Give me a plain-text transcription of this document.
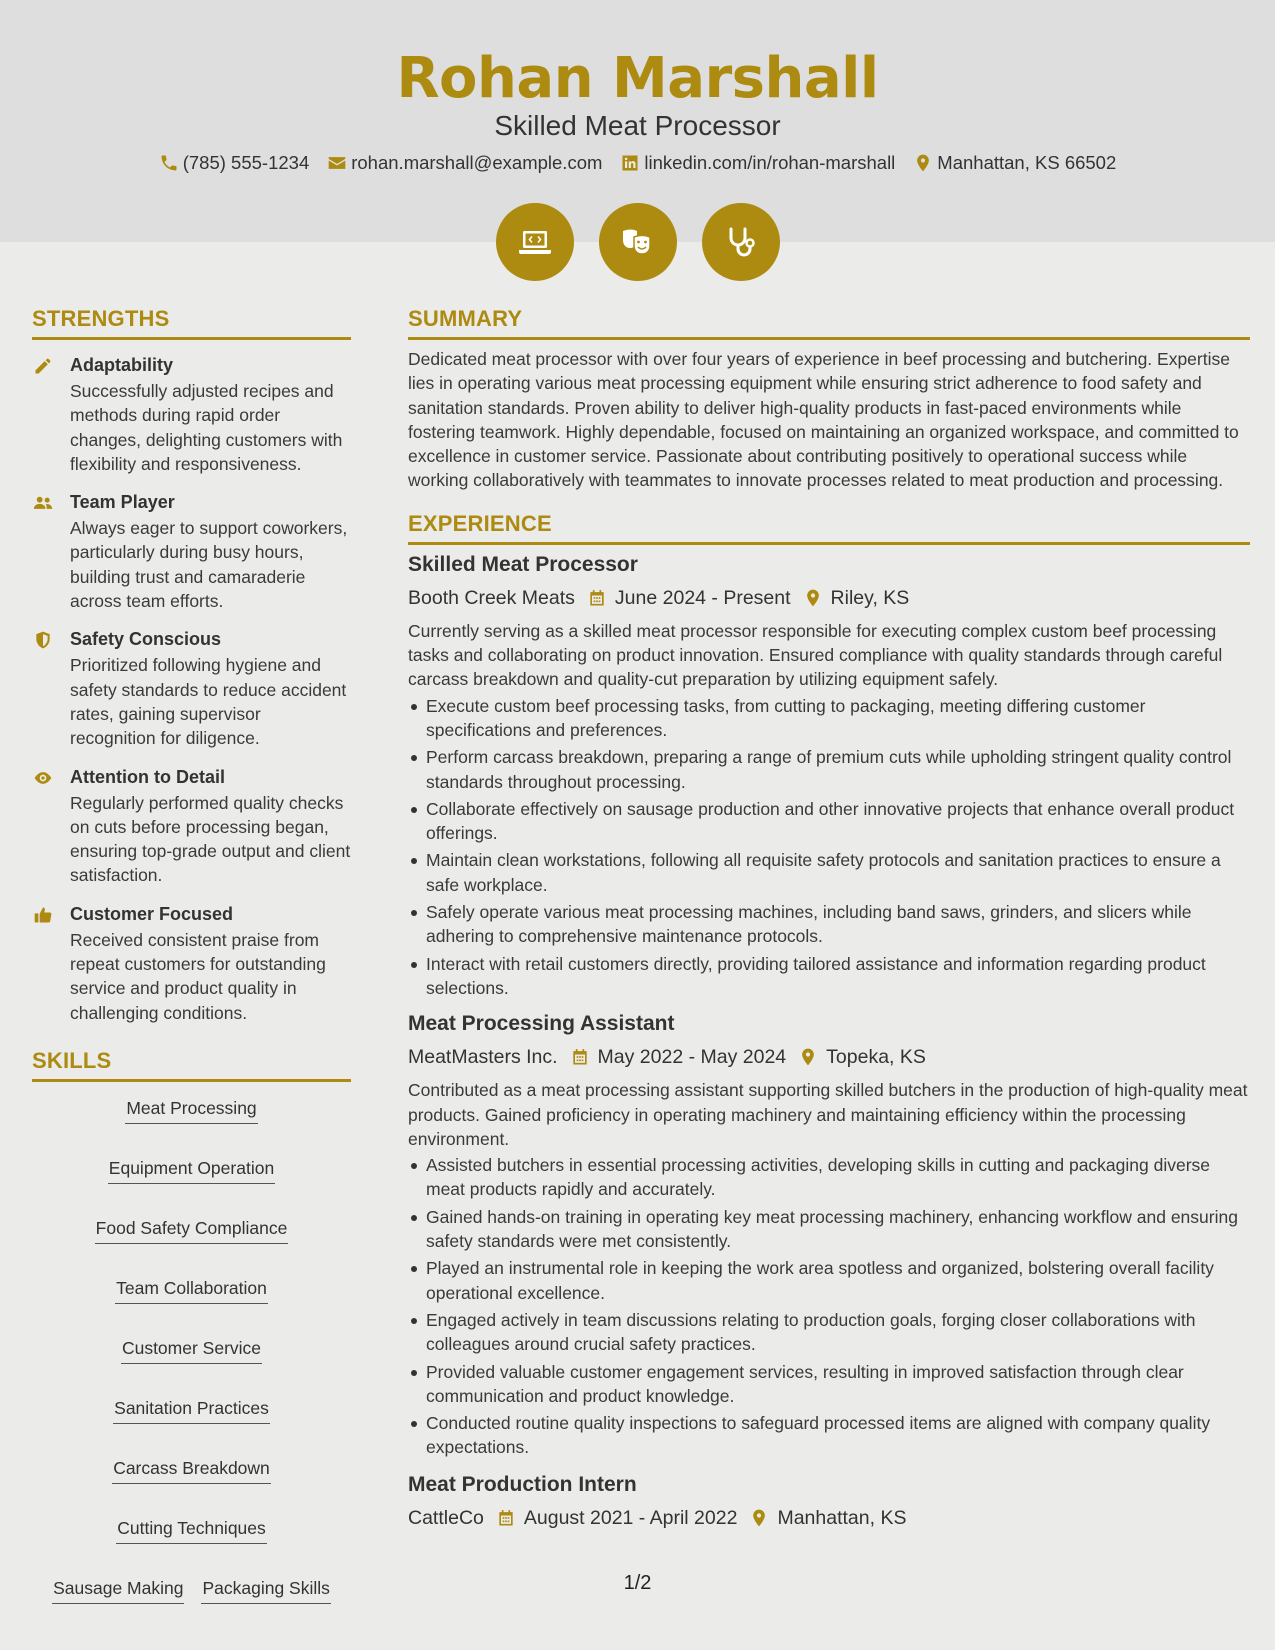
Rohan Marshall
Skilled Meat Processor
(785) 555-1234 rohan.marshall@example.com linkedin.com/in/rohan-marshall Manhattan, KS 66502
STRENGTHS
Adaptability
Successfully adjusted recipes and methods during rapid order changes, delighting customers with flexibility and responsiveness.
Team Player
Always eager to support coworkers, particularly during busy hours, building trust and camaraderie across team efforts.
Safety Conscious
Prioritized following hygiene and safety standards to reduce accident rates, gaining supervisor recognition for diligence.
Attention to Detail
Regularly performed quality checks on cuts before processing began, ensuring top-grade output and client satisfaction.
Customer Focused
Received consistent praise from repeat customers for outstanding service and product quality in challenging conditions.
SKILLS
Meat Processing
Equipment Operation
Food Safety Compliance
Team Collaboration
Customer Service
Sanitation Practices
Carcass Breakdown
Cutting Techniques
Sausage Making Packaging Skills
SUMMARY
Dedicated meat processor with over four years of experience in beef processing and butchering. Expertise lies in operating various meat processing equipment while ensuring strict adherence to food safety and sanitation standards. Proven ability to deliver high-quality products in fast-paced environments while fostering teamwork. Highly dependable, focused on maintaining an organized workspace, and committed to excellence in customer service. Passionate about contributing positively to operational success while working collaboratively with teammates to innovate processes related to meat production and processing.
EXPERIENCE
Skilled Meat Processor
Booth Creek Meats June 2024 - Present Riley, KS
Currently serving as a skilled meat processor responsible for executing complex custom beef processing tasks and collaborating on product innovation. Ensured compliance with quality standards through careful carcass breakdown and quality-cut preparation by utilizing equipment safely.
Execute custom beef processing tasks, from cutting to packaging, meeting differing customer specifications and preferences.
Perform carcass breakdown, preparing a range of premium cuts while upholding stringent quality control standards throughout processing.
Collaborate effectively on sausage production and other innovative projects that enhance overall product offerings.
Maintain clean workstations, following all requisite safety protocols and sanitation practices to ensure a safe workplace.
Safely operate various meat processing machines, including band saws, grinders, and slicers while adhering to comprehensive maintenance protocols.
Interact with retail customers directly, providing tailored assistance and information regarding product selections.
Meat Processing Assistant
MeatMasters Inc. May 2022 - May 2024 Topeka, KS
Contributed as a meat processing assistant supporting skilled butchers in the production of high-quality meat products. Gained proficiency in operating machinery and maintaining efficiency within the processing environment.
Assisted butchers in essential processing activities, developing skills in cutting and packaging diverse meat products rapidly and accurately.
Gained hands-on training in operating key meat processing machinery, enhancing workflow and ensuring safety standards were met consistently.
Played an instrumental role in keeping the work area spotless and organized, bolstering overall facility operational excellence.
Engaged actively in team discussions relating to production goals, forging closer collaborations with colleagues around crucial safety practices.
Provided valuable customer engagement services, resulting in improved satisfaction through clear communication and product knowledge.
Conducted routine quality inspections to safeguard processed items are aligned with company quality expectations.
Meat Production Intern
CattleCo August 2021 - April 2022 Manhattan, KS
1/2
